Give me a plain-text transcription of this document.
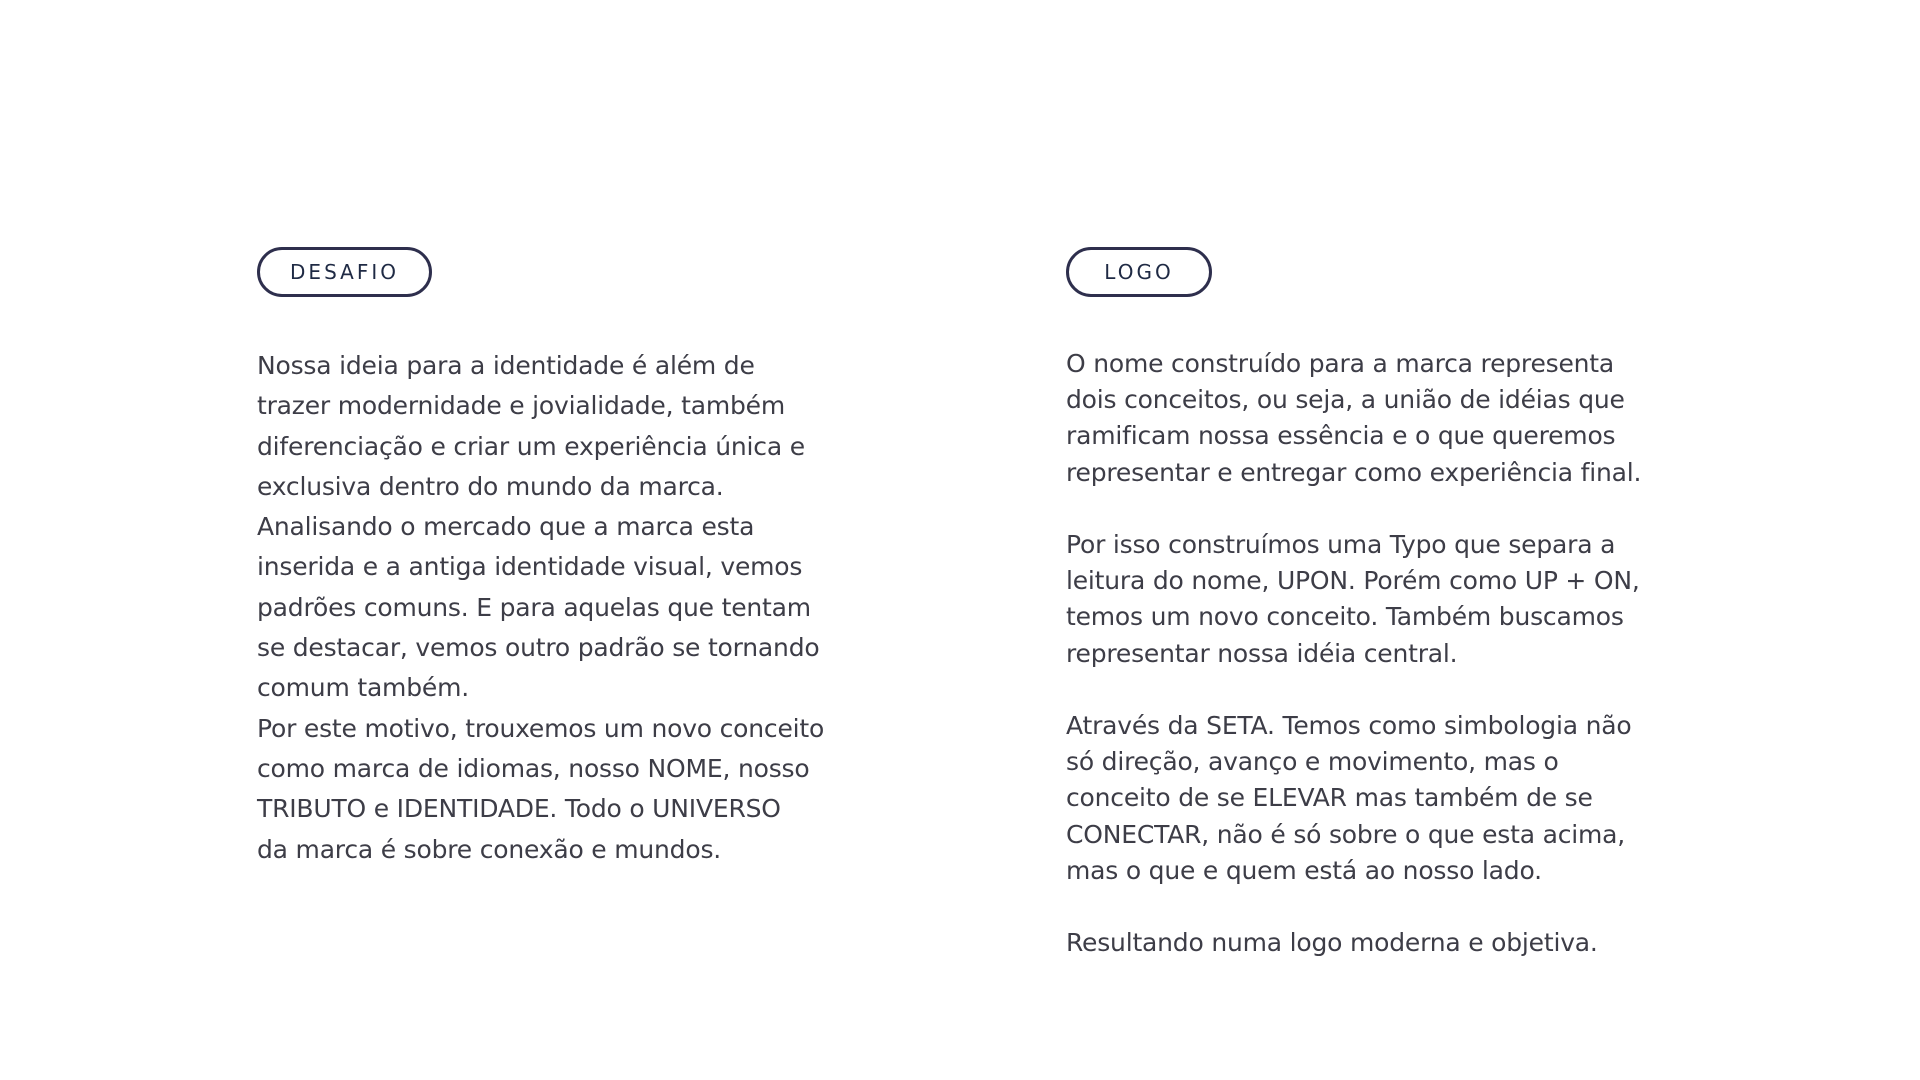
DESAFIO
Nossa ideia para a identidade é além de
trazer modernidade e jovialidade, também
diferenciação e criar um experiência única e
exclusiva dentro do mundo da marca.
Analisando o mercado que a marca esta
inserida e a antiga identidade visual, vemos
padrões comuns. E para aquelas que tentam
se destacar, vemos outro padrão se tornando
comum também.
Por este motivo, trouxemos um novo conceito
como marca de idiomas, nosso NOME, nosso
TRIBUTO e IDENTIDADE. Todo o UNIVERSO
da marca é sobre conexão e mundos.
LOGO

O nome construído para a marca representa
dois conceitos, ou seja, a união de idéias que
ramificam nossa essência e o que queremos
representar e entregar como experiência final.

Por isso construímos uma Typo que separa a
leitura do nome, UPON. Porém como UP + ON,
temos um novo conceito. Também buscamos
representar nossa idéia central.

Através da SETA. Temos como simbologia não
só direção, avanço e movimento, mas o
conceito de se ELEVAR mas também de se
CONECTAR, não é só sobre o que esta acima,
mas o que e quem está ao nosso lado.

Resultando numa logo moderna e objetiva.
